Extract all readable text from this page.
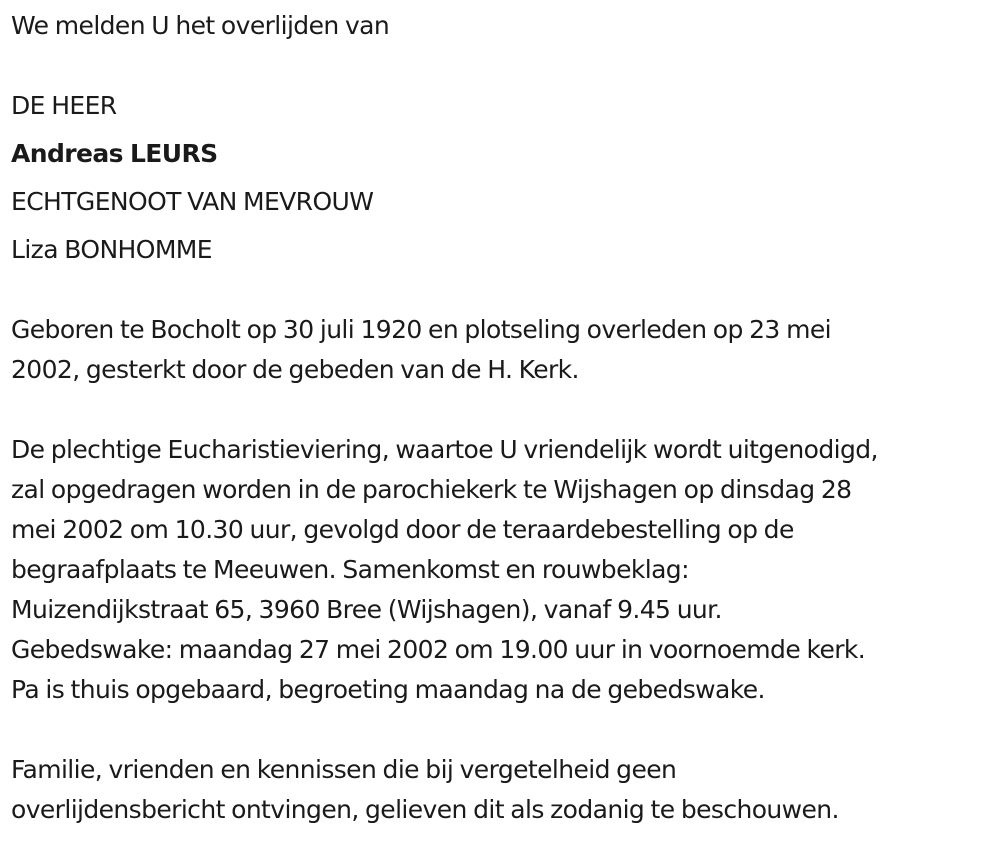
We melden U het overlijden van
DE HEER
Andreas LEURS
ECHTGENOOT VAN MEVROUW
Liza BONHOMME
Geboren te Bocholt op 30 juli 1920 en plotseling overleden op 23 mei
2002, gesterkt door de gebeden van de H. Kerk.
De plechtige Eucharistieviering, waartoe U vriendelijk wordt uitgenodigd,
zal opgedragen worden in de parochiekerk te Wijshagen op dinsdag 28
mei 2002 om 10.30 uur, gevolgd door de teraardebestelling op de
begraafplaats te Meeuwen. Samenkomst en rouwbeklag:
Muizendijkstraat 65, 3960 Bree (Wijshagen), vanaf 9.45 uur.
Gebedswake: maandag 27 mei 2002 om 19.00 uur in voornoemde kerk.
Pa is thuis opgebaard, begroeting maandag na de gebedswake.
Familie, vrienden en kennissen die bij vergetelheid geen
overlijdensbericht ontvingen, gelieven dit als zodanig te beschouwen.
